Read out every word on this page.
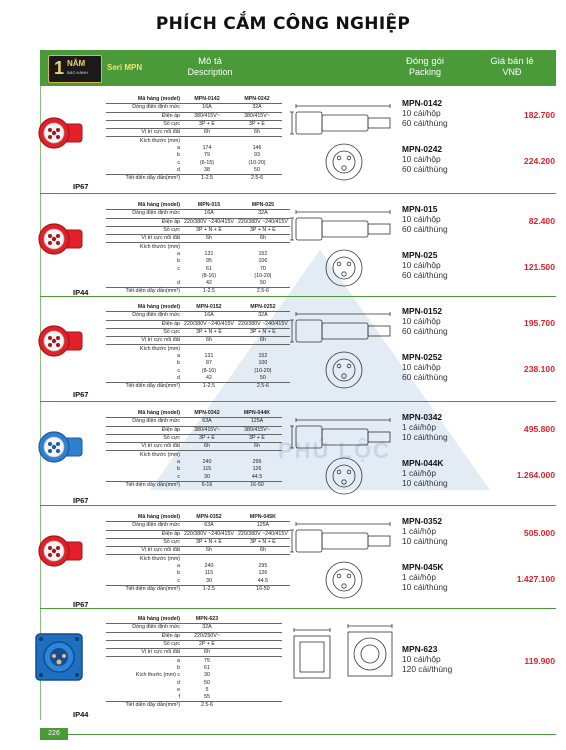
PHÍCH CẮM CÔNG NGHIỆP
1 NĂM
BẢO HÀNH
Seri MPN
Mô tả
Description
Đóng gói
Packing
Giá bán lẻ
VNĐ
PHÚ LỘC
IP67
Mã hàng (model)	MPN-0142	MPN-0242
Dòng điện định mức	16A	32A
Điện áp	380/415V~	380/415V~
Số cực	3P + E	3P + E
Vị trí cực nối đất	6h	6h
Kích thước (mm)		
a	174	146
b	79	93
c	(6-15)	(10-20)
d	38	50
Tiết diện dây dẫn(mm²)	1-2.5	2.5-6
MPN-0142
10 cái/hộp
60 cái/thùng
182.700
MPN-0242
10 cái/hộp
60 cái/thùng
224.200
IP44
Mã hàng (model)	MPN-015	MPN-025
Dòng điện định mức	16A	32A
Điện áp	220/380V ~240/415V	220/380V ~240/415V
Số cực	3P + N + E	3P + N + E
Vị trí cực nối đất	6h	6h
Kích thước (mm)		
a	131	152
b	95	106
c	61	70
	(8-16)	(10-20)
d	42	50
Tiết diện dây dẫn(mm²)	1-2.5	2.5-6
MPN-015
10 cái/hộp
60 cái/thùng
82.400
MPN-025
10 cái/hộp
60 cái/thùng
121.500
IP67
Mã hàng (model)	MPN-0152	MPN-0252
Dòng điện định mức	16A	32A
Điện áp	220/380V ~240/415V	220/380V ~240/415V
Số cực	3P + N + E	3P + N + E
Vị trí cực nối đất	6h	6h
Kích thước (mm)		
a	131	152
b	87	100
c	(8-16)	(10-20)
d	42	50
Tiết diện dây dẫn(mm²)	1-2.5	2.5-6
MPN-0152
10 cái/hộp
60 cái/thùng
195.700
MPN-0252
10 cái/hộp
60 cái/thùng
238.100
IP67
Mã hàng (model)	MPN-0342	MPN-044K
Dòng điện định mức	63A	125A
Điện áp	380/415V~	380/415V~
Số cực	3P + E	3P + E
Vị trí cực nối đất	6h	6h
Kích thước (mm)		
a	240	295
b	115	126
c	30	44.5
Tiết diện dây dẫn(mm²)	6-16	16-50
MPN-0342
1 cái/hộp
10 cái/thùng
495.800
MPN-044K
1 cái/hộp
10 cái/thùng
1.264.000
IP67
Mã hàng (model)	MPN-0352	MPN-045K
Dòng điện định mức	63A	125A
Điện áp	220/380V ~240/415V	220/380V ~240/415V
Số cực	3P + N + E	3P + N + E
Vị trí cực nối đất	6h	6h
Kích thước (mm)		
a	240	295
b	115	126
c	30	44.5
Tiết diện dây dẫn(mm²)	1-2.5	16-50
MPN-0352
1 cái/hộp
10 cái/thùng
505.000
MPN-045K
1 cái/hộp
10 cái/thùng
1.427.100
IP44
Mã hàng (model)	MPN-623	
Dòng điện định mức	32A	
Điện áp	220/250V~	
Số cực	2P + E	
Vị trí cực nối đất	6h	
a	75	
b	61	
Kích thước (mm) c	30	
d	50	
e	5	
f	55	
Tiết diện dây dẫn(mm²)	2.5-6	
MPN-623
10 cái/hộp
120 cái/thùng
119.900
226
